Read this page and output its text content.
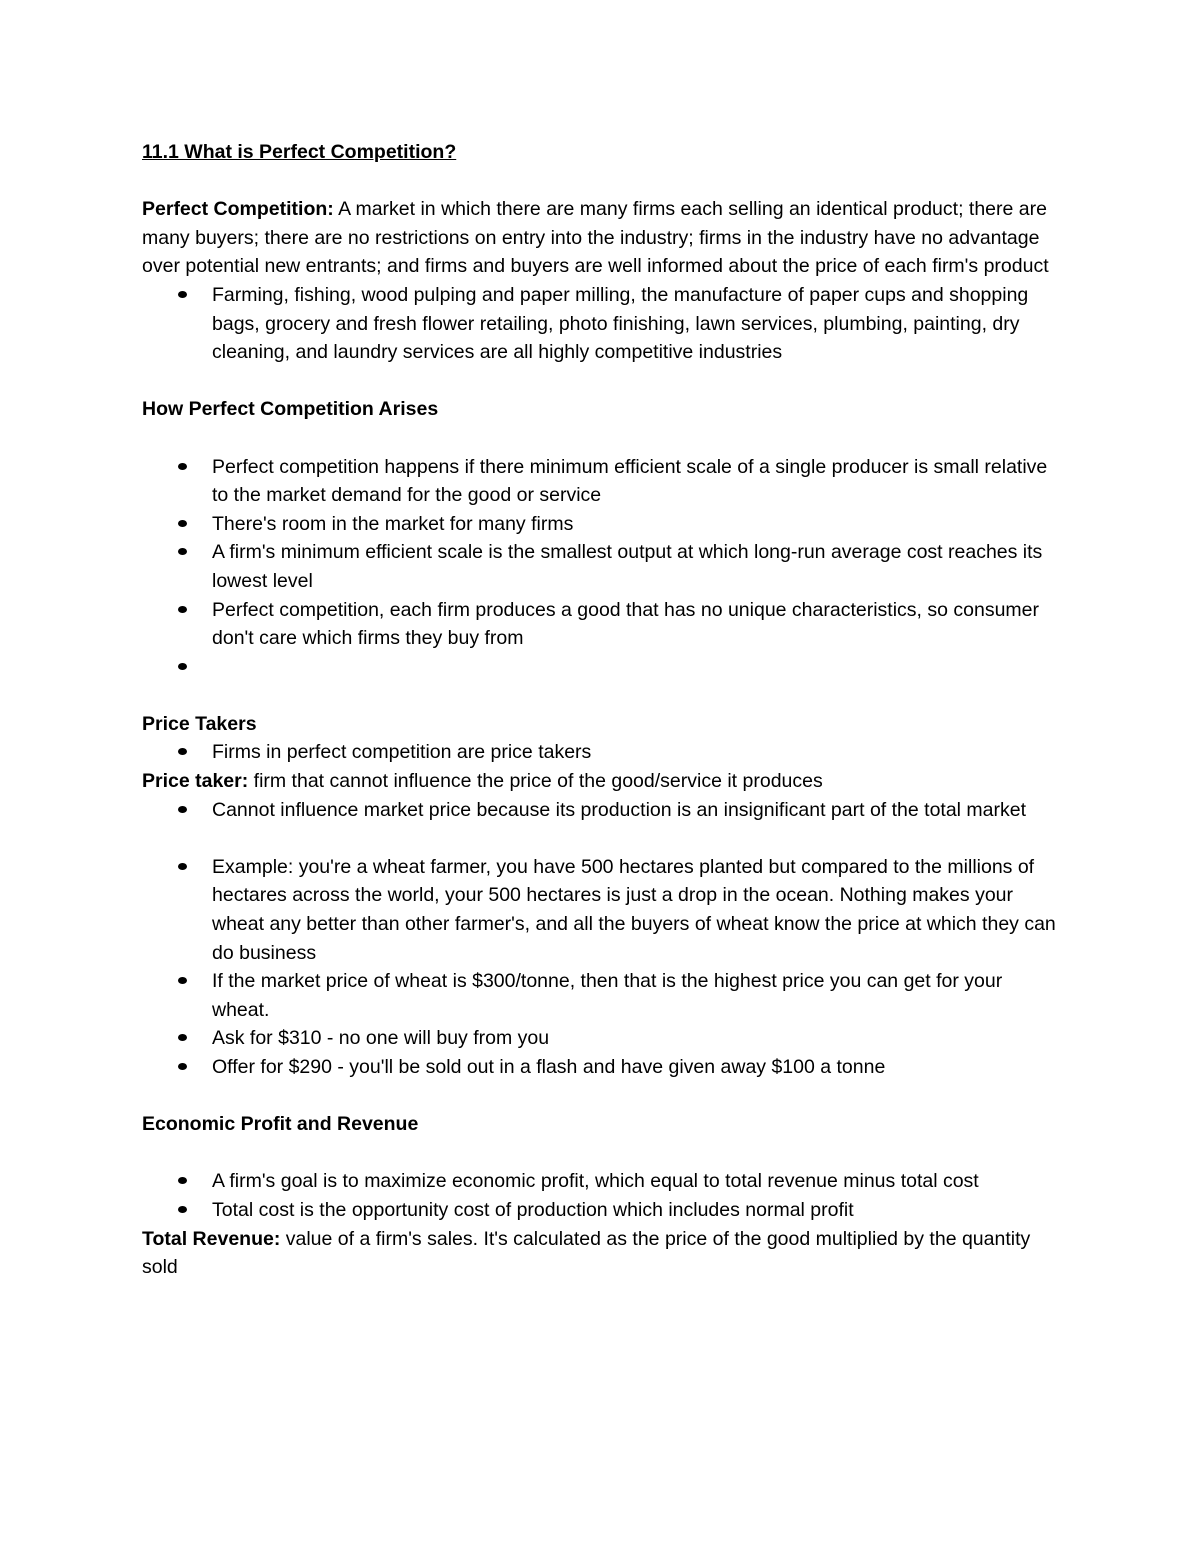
11.1 What is Perfect Competition?

Perfect Competition: A market in which there are many firms each selling an identical product; there are many buyers; there are no restrictions on entry into the industry; firms in the industry have no advantage over potential new entrants; and firms and buyers are well informed about the price of each firm's product

Farming, fishing, wood pulping and paper milling, the manufacture of paper cups and shopping bags, grocery and fresh flower retailing, photo finishing, lawn services, plumbing, painting, dry cleaning, and laundry services are all highly competitive industries

How Perfect Competition Arises

Perfect competition happens if there minimum efficient scale of a single producer is small relative to the market demand for the good or service
There's room in the market for many firms
A firm's minimum efficient scale is the smallest output at which long-run average cost reaches its lowest level
Perfect competition, each firm produces a good that has no unique characteristics, so consumer don't care which firms they buy from

Price Takers

Firms in perfect competition are price takers

Price taker: firm that cannot influence the price of the good/service it produces

Cannot influence market price because its production is an insignificant part of the total market
Example: you're a wheat farmer, you have 500 hectares planted but compared to the millions of hectares across the world, your 500 hectares is just a drop in the ocean. Nothing makes your wheat any better than other farmer's, and all the buyers of wheat know the price at which they can do business
If the market price of wheat is $300/tonne, then that is the highest price you can get for your wheat.
Ask for $310 - no one will buy from you
Offer for $290 - you'll be sold out in a flash and have given away $100 a tonne

Economic Profit and Revenue

A firm's goal is to maximize economic profit, which equal to total revenue minus total cost
Total cost is the opportunity cost of production which includes normal profit

Total Revenue: value of a firm's sales. It's calculated as the price of the good multiplied by the quantity sold
